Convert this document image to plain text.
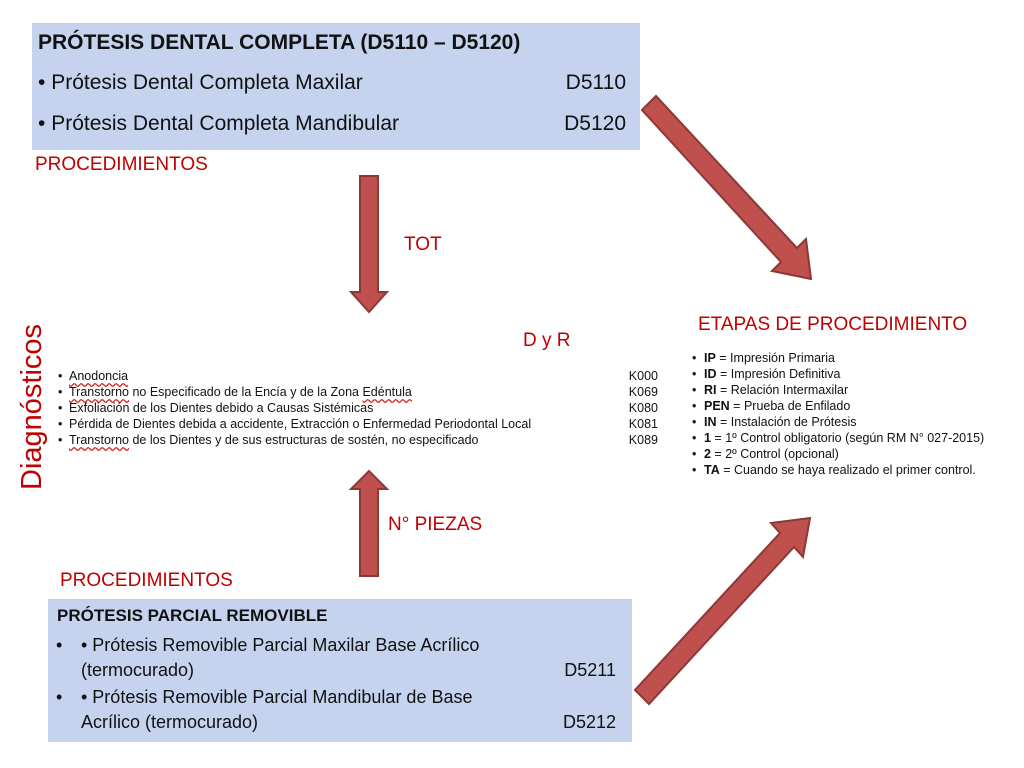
PRÓTESIS DENTAL COMPLETA (D5110 – D5120)
• Prótesis Dental Completa Maxilar	D5110
• Prótesis Dental Completa Mandibular	D5120
PROCEDIMIENTOS
TOT
ETAPAS DE PROCEDIMIENTO
D y R
Diagnósticos
N° PIEZAS
PROCEDIMIENTOS
• Anodoncia	K000
• Transtorno no Especificado de la Encía y de la Zona Edéntula	K069
• Exfoliación de los Dientes debido a Causas Sistémicas	K080
• Pérdida de Dientes debida a accidente, Extracción o Enfermedad Periodontal Local	K081
• Transtorno de los Dientes y de sus estructuras de sostén, no especificado	K089
• IP = Impresión Primaria
• ID = Impresión Definitiva
• RI = Relación Intermaxilar
• PEN = Prueba de Enfilado
• IN = Instalación de Prótesis
• 1 = 1º Control obligatorio (según RM N° 027-2015)
• 2 = 2º Control (opcional)
• TA = Cuando se haya realizado el primer control.
PRÓTESIS PARCIAL REMOVIBLE
• • Prótesis Removible Parcial Maxilar Base Acrílico
(termocurado)	D5211
• • Prótesis Removible Parcial Mandibular de Base
Acrílico (termocurado)	D5212
